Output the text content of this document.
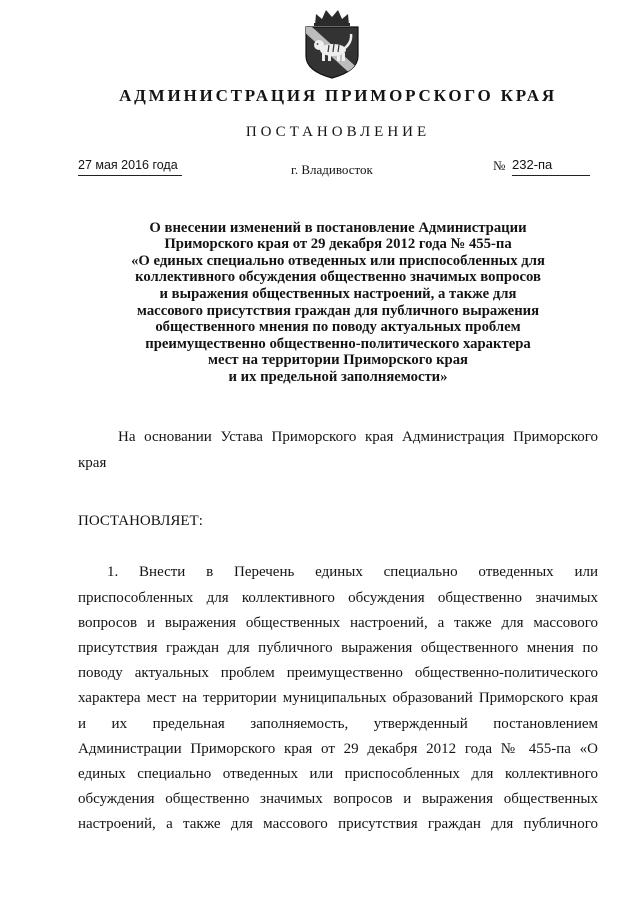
АДМИНИСТРАЦИЯ ПРИМОРСКОГО КРАЯ
ПОСТАНОВЛЕНИЕ
27 мая 2016 года	г. Владивосток	№ 232-па
О внесении изменений в постановление Администрации
Приморского края от 29 декабря 2012 года № 455-па
«О единых специально отведенных или приспособленных для
коллективного обсуждения общественно значимых вопросов
и выражения общественных настроений, а также для
массового присутствия граждан для публичного выражения
общественного мнения по поводу актуальных проблем
преимущественно общественно-политического характера
мест на территории Приморского края
и их предельной заполняемости»
На основании Устава Приморского края Администрация Приморского
края
ПОСТАНОВЛЯЕТ:
1. Внести в Перечень единых специально отведенных или
приспособленных для коллективного обсуждения общественно значимых
вопросов и выражения общественных настроений, а также для массового
присутствия граждан для публичного выражения общественного мнения по
поводу актуальных проблем преимущественно общественно-политического
характера мест на территории муниципальных образований Приморского края
и их предельная заполняемость, утвержденный постановлением
Администрации Приморского края от 29 декабря 2012 года № 455-па «О
единых специально отведенных или приспособленных для коллективного
обсуждения общественно значимых вопросов и выражения общественных
настроений, а также для массового присутствия граждан для публичного
